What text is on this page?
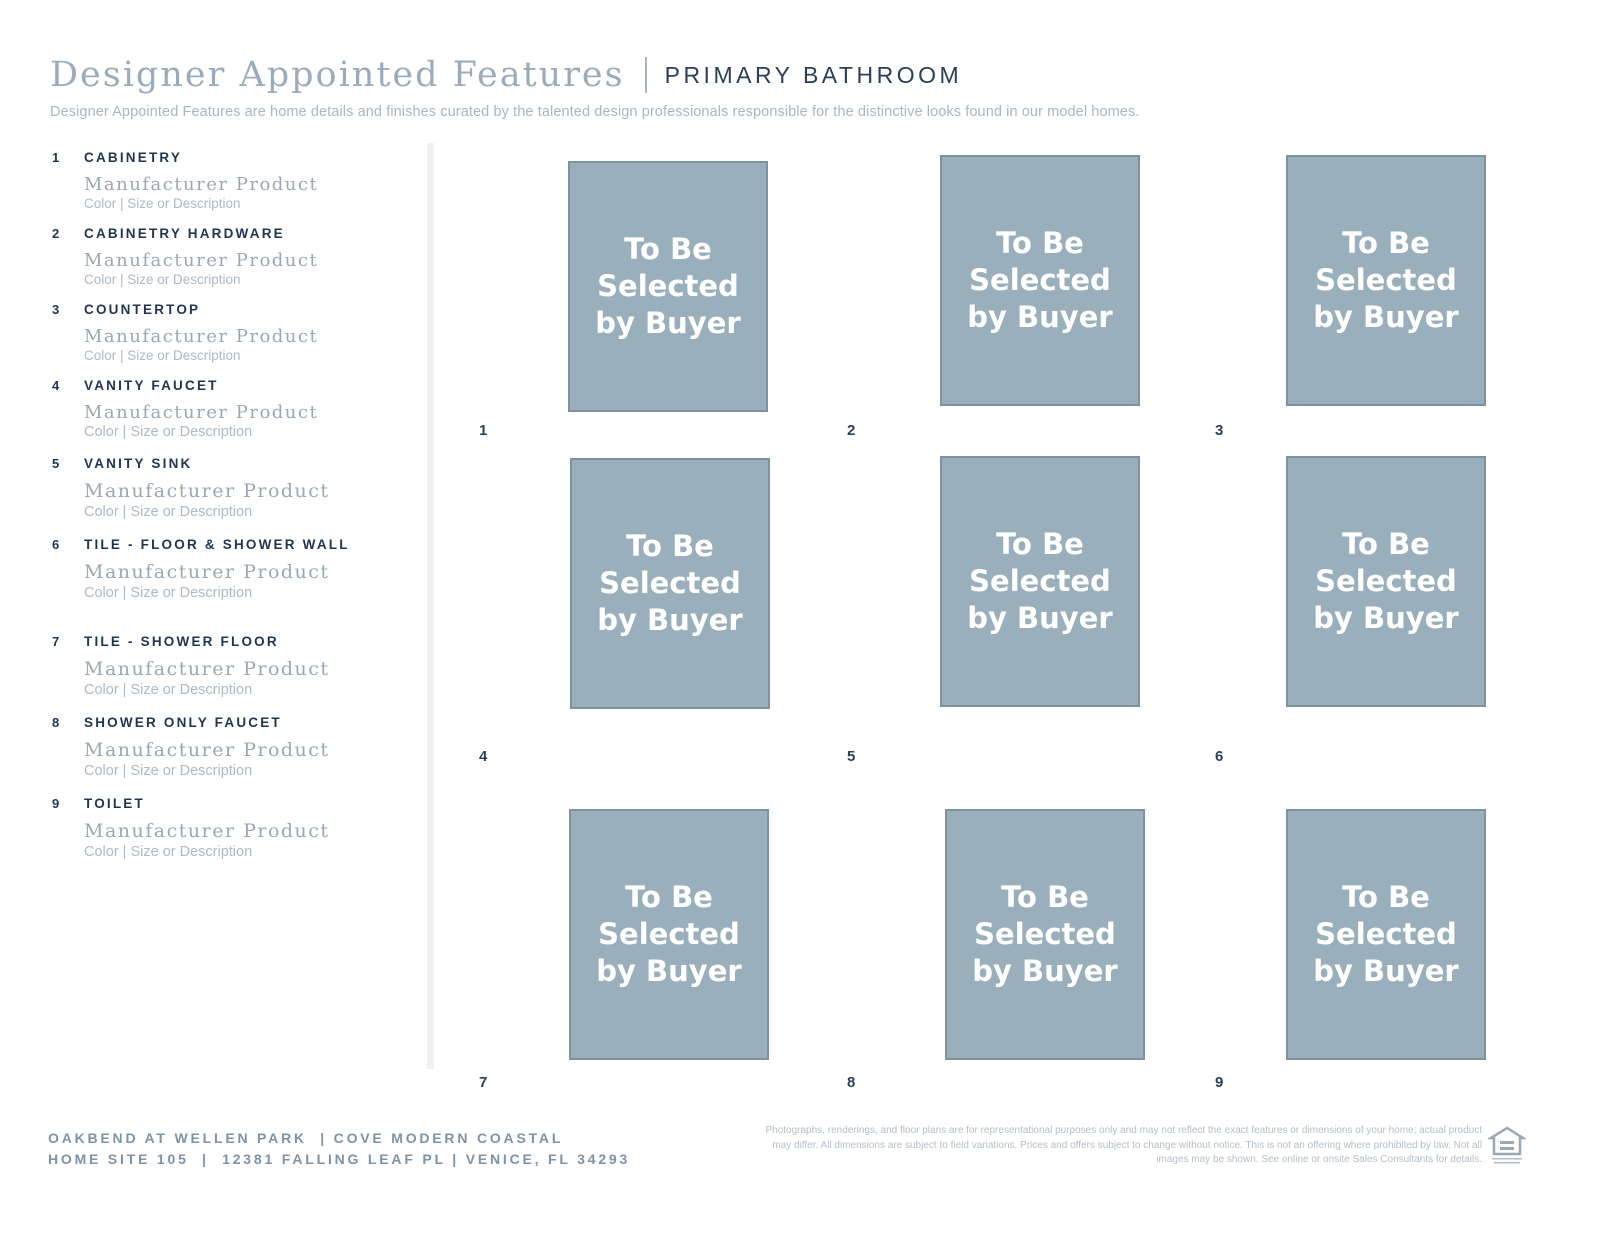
Designer Appointed Features PRIMARY BATHROOM
Designer Appointed Features are home details and finishes curated by the talented design professionals responsible for the distinctive looks found in our model homes.
1 CABINETRY
Manufacturer Product
Color | Size or Description
2 CABINETRY HARDWARE
Manufacturer Product
Color | Size or Description
3 COUNTERTOP
Manufacturer Product
Color | Size or Description
4 VANITY FAUCET
Manufacturer Product
Color | Size or Description
5 VANITY SINK
Manufacturer Product
Color | Size or Description
6 TILE - FLOOR & SHOWER WALL
Manufacturer Product
Color | Size or Description
7 TILE - SHOWER FLOOR
Manufacturer Product
Color | Size or Description
8 SHOWER ONLY FAUCET
Manufacturer Product
Color | Size or Description
9 TOILET
Manufacturer Product
Color | Size or Description
To Be
Selected
by Buyer
1
To Be
Selected
by Buyer
2
To Be
Selected
by Buyer
3
To Be
Selected
by Buyer
4
To Be
Selected
by Buyer
5
To Be
Selected
by Buyer
6
To Be
Selected
by Buyer
7
To Be
Selected
by Buyer
8
To Be
Selected
by Buyer
9
OAKBEND AT WELLEN PARK  | COVE MODERN COASTAL
HOME SITE 105  |  12381 FALLING LEAF PL | VENICE, FL 34293
Photographs, renderings, and floor plans are for representational purposes only and may not reflect the exact features or dimensions of your home; actual product may differ. All dimensions are subject to field variations. Prices and offers subject to change without notice. This is not an offering where prohibited by law. Not all images may be shown. See online or onsite Sales Consultants for details.
